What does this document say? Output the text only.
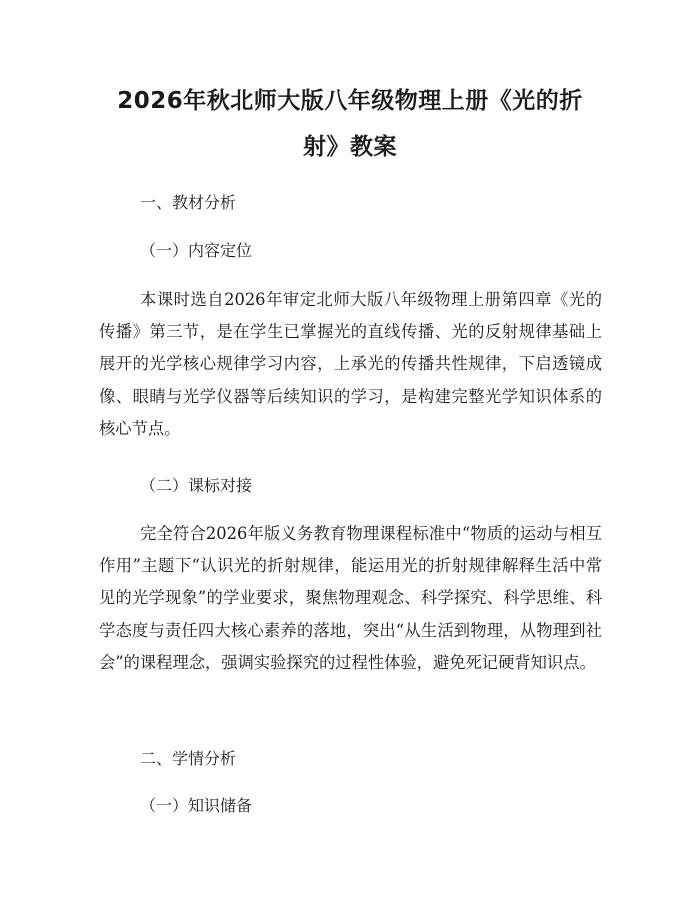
2026年秋北师大版八年级物理上册《光的折射》教案

一、教材分析

（一）内容定位

本课时选自2026年审定北师大版八年级物理上册第四章《光的传播》第三节，是在学生已掌握光的直线传播、光的反射规律基础上展开的光学核心规律学习内容，上承光的传播共性规律，下启透镜成像、眼睛与光学仪器等后续知识的学习，是构建完整光学知识体系的核心节点。

（二）课标对接

完全符合2026年版义务教育物理课程标准中“物质的运动与相互作用”主题下“认识光的折射规律，能运用光的折射规律解释生活中常见的光学现象”的学业要求，聚焦物理观念、科学探究、科学思维、科学态度与责任四大核心素养的落地，突出“从生活到物理，从物理到社会”的课程理念，强调实验探究的过程性体验，避免死记硬背知识点。

二、学情分析

（一）知识储备
